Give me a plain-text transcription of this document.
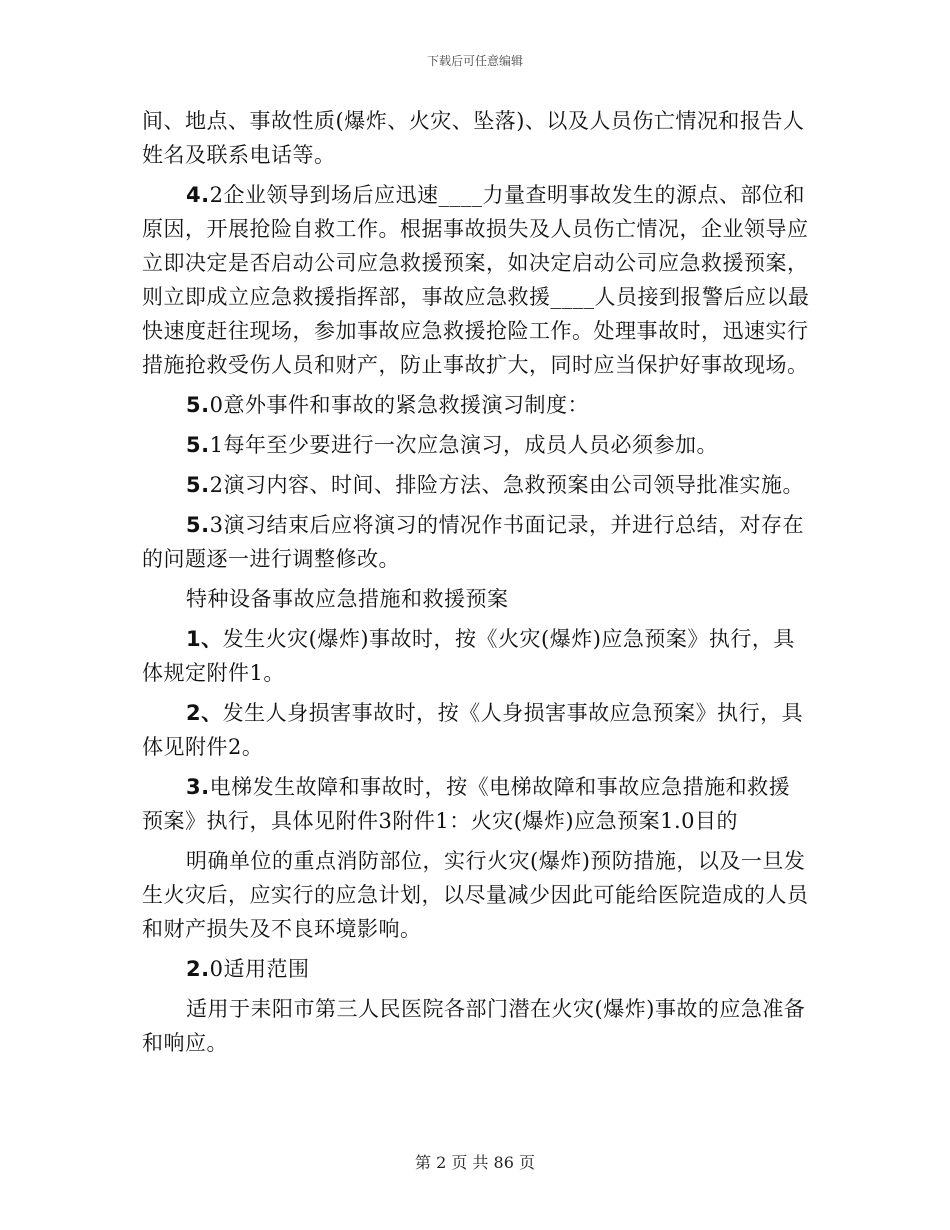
下载后可任意编辑

间、地点、事故性质(爆炸、火灾、坠落)、以及人员伤亡情况和报告人姓名及联系电话等。

4.2企业领导到场后应迅速____力量查明事故发生的源点、部位和原因，开展抢险自救工作。根据事故损失及人员伤亡情况，企业领导应立即决定是否启动公司应急救援预案，如决定启动公司应急救援预案，则立即成立应急救援指挥部，事故应急救援____人员接到报警后应以最快速度赶往现场，参加事故应急救援抢险工作。处理事故时，迅速实行措施抢救受伤人员和财产，防止事故扩大，同时应当保护好事故现场。

5.0意外事件和事故的紧急救援演习制度：

5.1每年至少要进行一次应急演习，成员人员必须参加。

5.2演习内容、时间、排险方法、急救预案由公司领导批准实施。

5.3演习结束后应将演习的情况作书面记录，并进行总结，对存在的问题逐一进行调整修改。

特种设备事故应急措施和救援预案

1、发生火灾(爆炸)事故时，按《火灾(爆炸)应急预案》执行，具体规定附件1。

2、发生人身损害事故时，按《人身损害事故应急预案》执行，具体见附件2。

3.电梯发生故障和事故时，按《电梯故障和事故应急措施和救援预案》执行，具体见附件3附件1：火灾(爆炸)应急预案1.0目的

明确单位的重点消防部位，实行火灾(爆炸)预防措施，以及一旦发生火灾后，应实行的应急计划，以尽量减少因此可能给医院造成的人员和财产损失及不良环境影响。

2.0适用范围

适用于耒阳市第三人民医院各部门潜在火灾(爆炸)事故的应急准备和响应。

第 2 页 共 86 页
